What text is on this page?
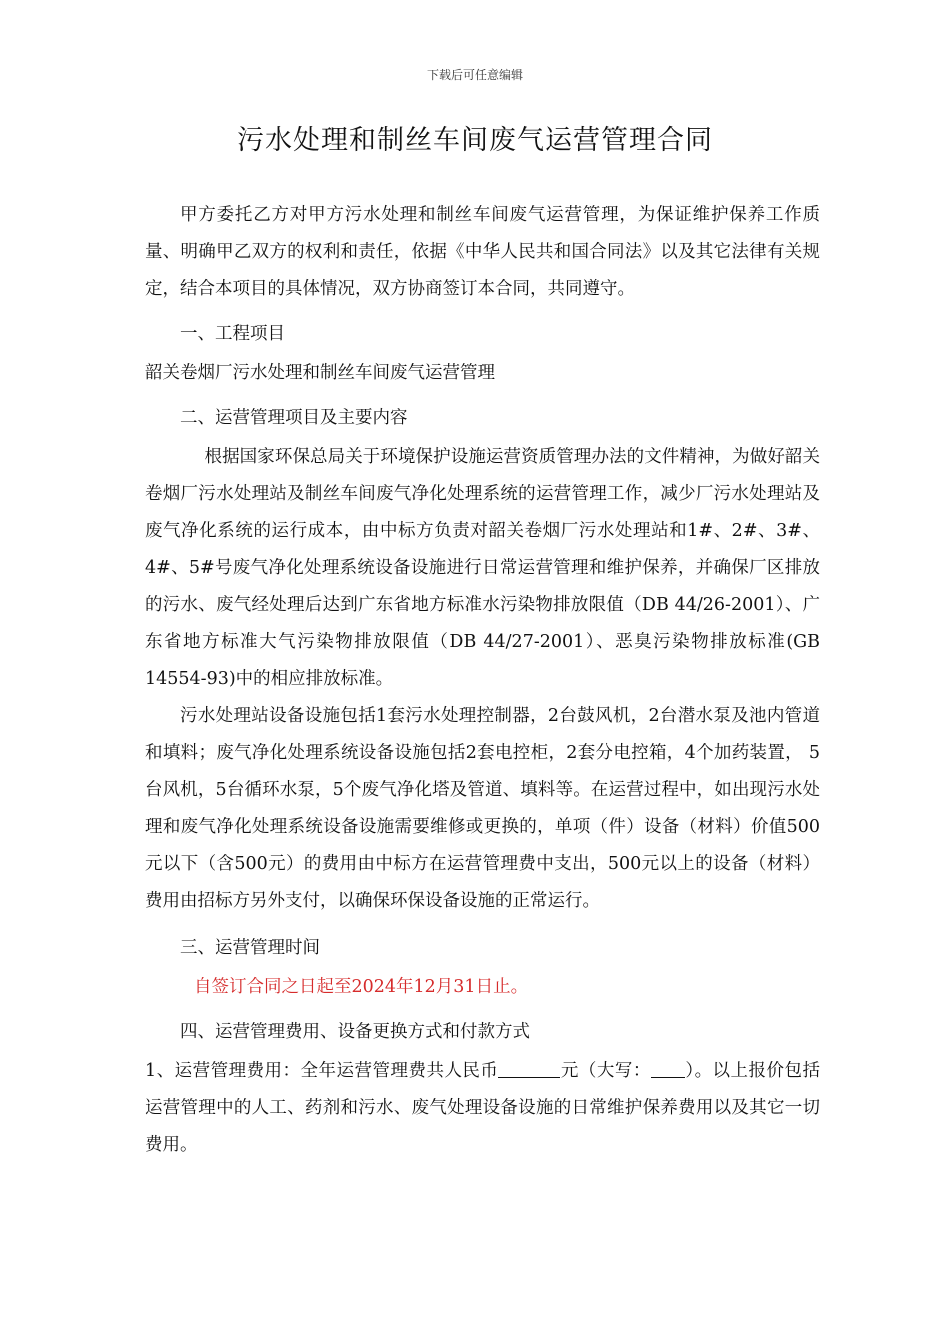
下载后可任意编辑
污水处理和制丝车间废气运营管理合同

甲方委托乙方对甲方污水处理和制丝车间废气运营管理，为保证维护保养工作质量、明确甲乙双方的权利和责任，依据《中华人民共和国合同法》以及其它法律有关规定，结合本项目的具体情况，双方协商签订本合同，共同遵守。

一、工程项目

韶关卷烟厂污水处理和制丝车间废气运营管理

二、运营管理项目及主要内容

根据国家环保总局关于环境保护设施运营资质管理办法的文件精神，为做好韶关卷烟厂污水处理站及制丝车间废气净化处理系统的运营管理工作，减少厂污水处理站及废气净化系统的运行成本，由中标方负责对韶关卷烟厂污水处理站和1#、2#、3#、4#、5#号废气净化处理系统设备设施进行日常运营管理和维护保养，并确保厂区排放的污水、废气经处理后达到广东省地方标准水污染物排放限值（DB 44/26-2001）、广东省地方标准大气污染物排放限值（DB 44/27-2001）、恶臭污染物排放标准(GB 14554-93)中的相应排放标准。

污水处理站设备设施包括1套污水处理控制器，2台鼓风机，2台潜水泵及池内管道和填料；废气净化处理系统设备设施包括2套电控柜，2套分电控箱，4个加药装置， 5台风机，5台循环水泵，5个废气净化塔及管道、填料等。在运营过程中，如出现污水处理和废气净化处理系统设备设施需要维修或更换的，单项（件）设备（材料）价值500元以下（含500元）的费用由中标方在运营管理费中支出，500元以上的设备（材料）费用由招标方另外支付，以确保环保设备设施的正常运行。

三、运营管理时间

自签订合同之日起至2024年12月31日止。

四、运营管理费用、设备更换方式和付款方式

1、运营管理费用：全年运营管理费共人民币	元（大写： ）。以上报价包括运营管理中的人工、药剂和污水、废气处理设备设施的日常维护保养费用以及其它一切费用。
